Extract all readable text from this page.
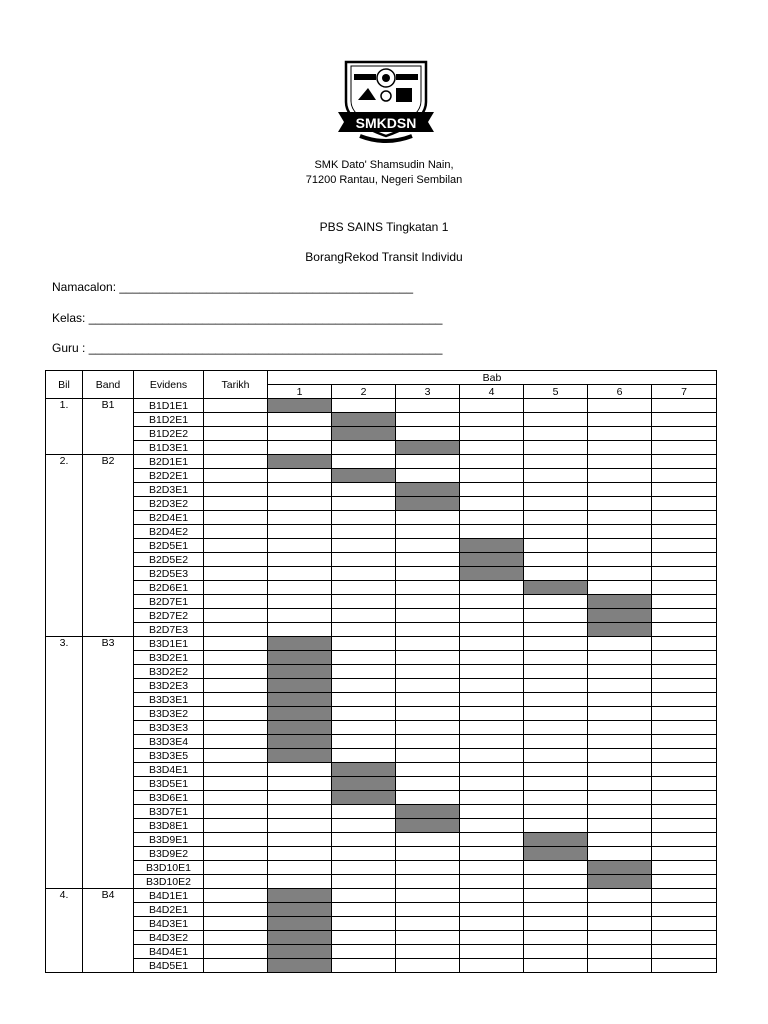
SMKDSN
SMK Dato' Shamsudin Nain,
71200 Rantau, Negeri Sembilan
PBS SAINS Tingkatan 1
BorangRekod Transit Individu
Namacalon: ____________________________________________
Kelas: _____________________________________________________
Guru : _____________________________________________________
Bil	Band	Evidens	Tarikh	Bab						
				1	2	3	4	5	6	7
1.	B1	B1D1E1								
		B1D2E1								
		B1D2E2								
		B1D3E1								
2.	B2	B2D1E1								
		B2D2E1								
		B2D3E1								
		B2D3E2								
		B2D4E1								
		B2D4E2								
		B2D5E1								
		B2D5E2								
		B2D5E3								
		B2D6E1								
		B2D7E1								
		B2D7E2								
		B2D7E3								
3.	B3	B3D1E1								
		B3D2E1								
		B3D2E2								
		B3D2E3								
		B3D3E1								
		B3D3E2								
		B3D3E3								
		B3D3E4								
		B3D3E5								
		B3D4E1								
		B3D5E1								
		B3D6E1								
		B3D7E1								
		B3D8E1								
		B3D9E1								
		B3D9E2								
		B3D10E1								
		B3D10E2								
4.	B4	B4D1E1								
		B4D2E1								
		B4D3E1								
		B4D3E2								
		B4D4E1								
		B4D5E1								
